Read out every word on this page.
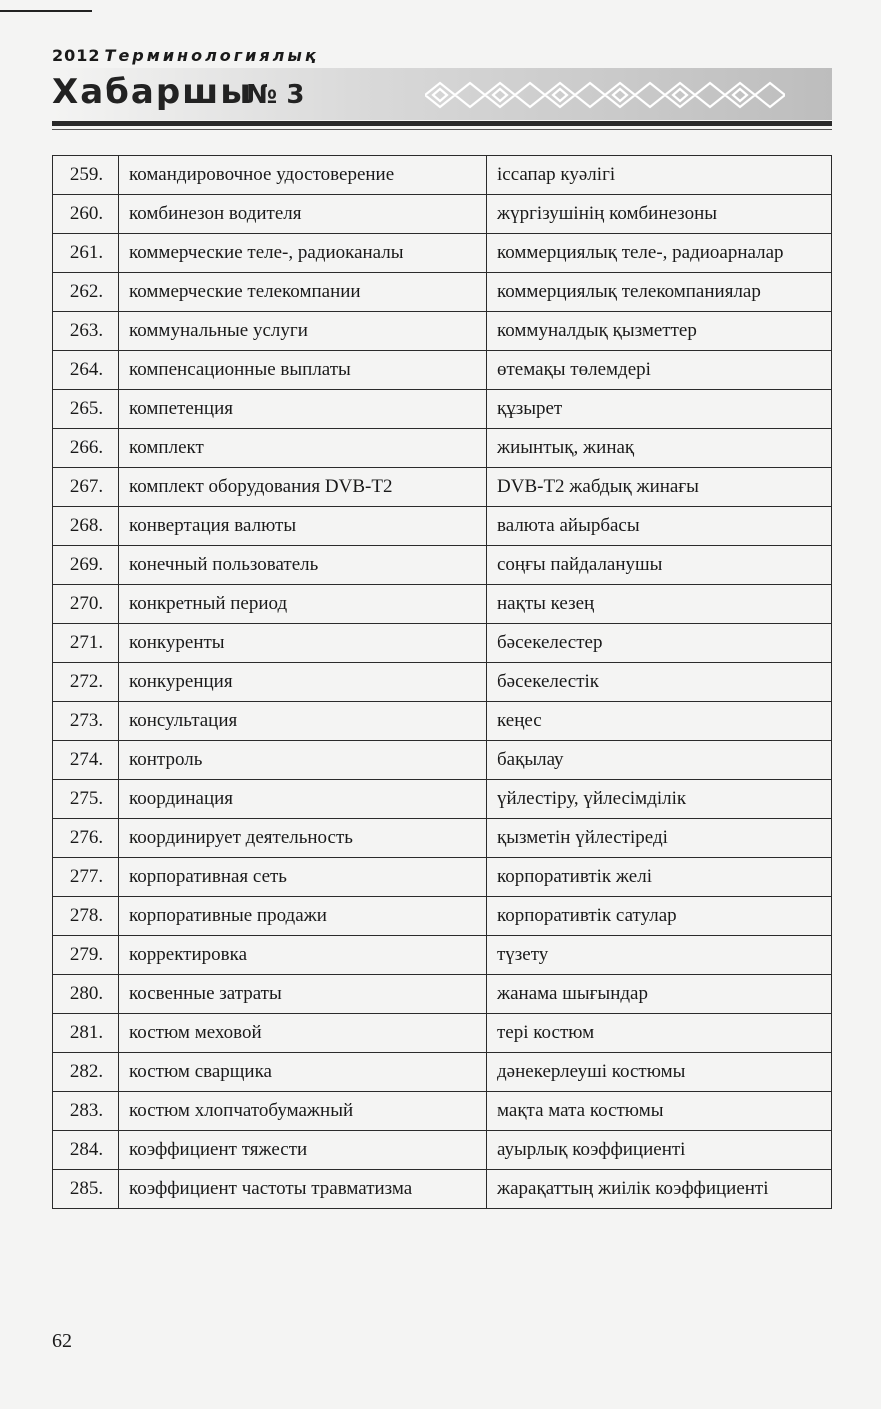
2012 Терминологиялық
Хабаршы
№ 3
259.	командировочное удостоверение	іссапар куәлігі
260.	комбинезон водителя	жүргізушінің комбинезоны
261.	коммерческие теле-, радиоканалы	коммерциялық теле-, радиоарналар
262.	коммерческие телекомпании	коммерциялық телекомпаниялар
263.	коммунальные услуги	коммуналдық қызметтер
264.	компенсационные выплаты	өтемақы төлемдері
265.	компетенция	құзырет
266.	комплект	жиынтық, жинақ
267.	комплект оборудования DVB-T2	DVB-T2 жабдық жинағы
268.	конвертация валюты	валюта айырбасы
269.	конечный пользователь	соңғы пайдаланушы
270.	конкретный период	нақты кезең
271.	конкуренты	бәсекелестер
272.	конкуренция	бәсекелестік
273.	консультация	кеңес
274.	контроль	бақылау
275.	координация	үйлестіру, үйлесімділік
276.	координирует деятельность	қызметін үйлестіреді
277.	корпоративная сеть	корпоративтік желі
278.	корпоративные продажи	корпоративтік сатулар
279.	корректировка	түзету
280.	косвенные затраты	жанама шығындар
281.	костюм меховой	тері костюм
282.	костюм сварщика	дәнекерлеуші костюмы
283.	костюм хлопчатобумажный	мақта мата костюмы
284.	коэффициент тяжести	ауырлық коэффициенті
285.	коэффициент частоты травматизма	жарақаттың жиілік коэффициенті
62
